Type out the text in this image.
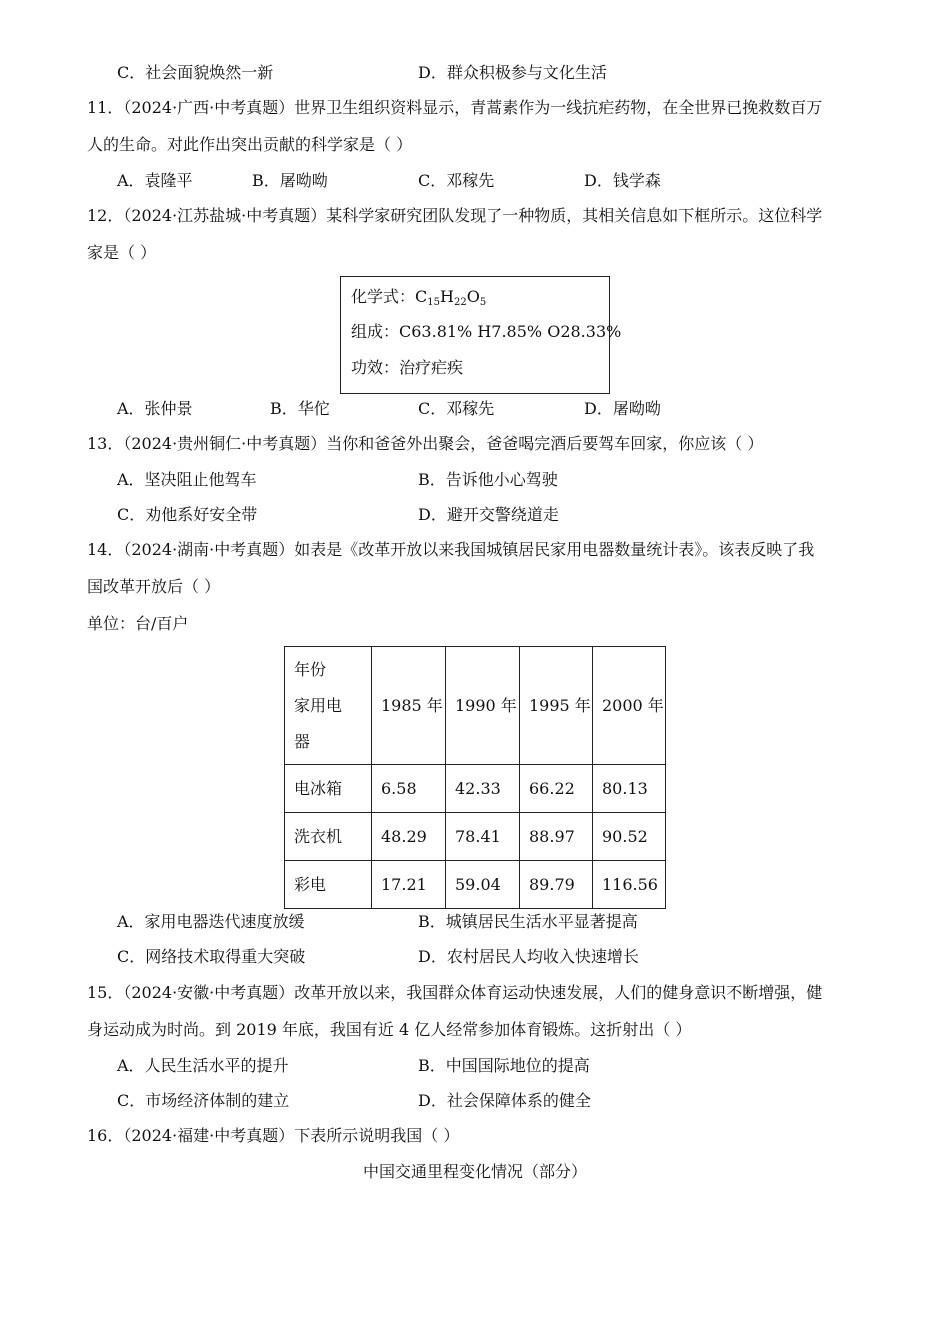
C．社会面貌焕然一新	D．群众积极参与文化生活
11．（2024·广西·中考真题）世界卫生组织资料显示，青蒿素作为一线抗疟药物，在全世界已挽救数百万
人的生命。对此作出突出贡献的科学家是（ ）
A．袁隆平	B．屠呦呦	C．邓稼先	D．钱学森
12．（2024·江苏盐城·中考真题）某科学家研究团队发现了一种物质，其相关信息如下框所示。这位科学
家是（ ）
化学式：$C_{15}H_{22}O_5$
组成：C63.81% H7.85% O28.33%
功效：治疗疟疾
A．张仲景	B．华佗	C．邓稼先	D．屠呦呦
13．（2024·贵州铜仁·中考真题）当你和爸爸外出聚会，爸爸喝完酒后要驾车回家，你应该（ ）
A．坚决阻止他驾车	B．告诉他小心驾驶
C．劝他系好安全带	D．避开交警绕道走
14．（2024·湖南·中考真题）如表是《改革开放以来我国城镇居民家用电器数量统计表》。该表反映了我
国改革开放后（ ）
单位：台/百户
年份
家用电
器	1985 年	1990 年	1995 年	2000 年
电冰箱	6.58	42.33	66.22	80.13
洗衣机	48.29	78.41	88.97	90.52
彩电	17.21	59.04	89.79	116.56
A．家用电器迭代速度放缓	B．城镇居民生活水平显著提高
C．网络技术取得重大突破	D．农村居民人均收入快速增长
15．（2024·安徽·中考真题）改革开放以来，我国群众体育运动快速发展，人们的健身意识不断增强，健
身运动成为时尚。到 2019 年底，我国有近 4 亿人经常参加体育锻炼。这折射出（ ）
A．人民生活水平的提升	B．中国国际地位的提高
C．市场经济体制的建立	D．社会保障体系的健全
16．（2024·福建·中考真题）下表所示说明我国（ ）
中国交通里程变化情况（部分）
